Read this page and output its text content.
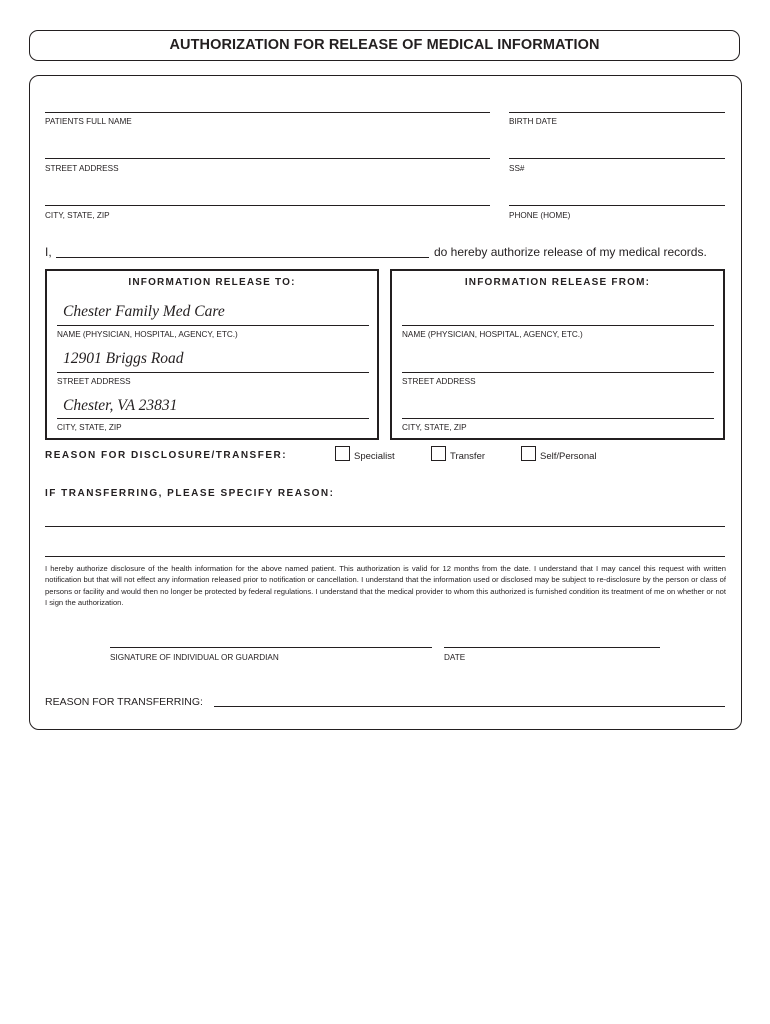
AUTHORIZATION FOR RELEASE OF MEDICAL INFORMATION
PATIENTS FULL NAME	BIRTH DATE
STREET ADDRESS	SS#
CITY, STATE, ZIP	PHONE (HOME)
I,	do hereby authorize release of my medical records.
INFORMATION RELEASE TO:
Chester Family Med Care
NAME (PHYSICIAN, HOSPITAL, AGENCY, ETC.)
12901 Briggs Road
STREET ADDRESS
Chester, VA 23831
CITY, STATE, ZIP
INFORMATION RELEASE FROM:
NAME (PHYSICIAN, HOSPITAL, AGENCY, ETC.)
STREET ADDRESS
CITY, STATE, ZIP
REASON FOR DISCLOSURE/TRANSFER:	Specialist	Transfer	Self/Personal
IF TRANSFERRING, PLEASE SPECIFY REASON:
I hereby authorize disclosure of the health information for the above named patient. This authorization is valid for 12 months from the date. I understand that I may cancel this request with written notification but that will not effect any information released prior to notification or cancellation. I understand that the information used or disclosed may be subject to re-disclosure by the person or class of persons or facility and would then no longer be protected by federal regulations. I understand that the medical provider to whom this authorized is furnished condition its treatment of me on whether or not I sign the authorization.
SIGNATURE OF INDIVIDUAL OR GUARDIAN	DATE
REASON FOR TRANSFERRING:
